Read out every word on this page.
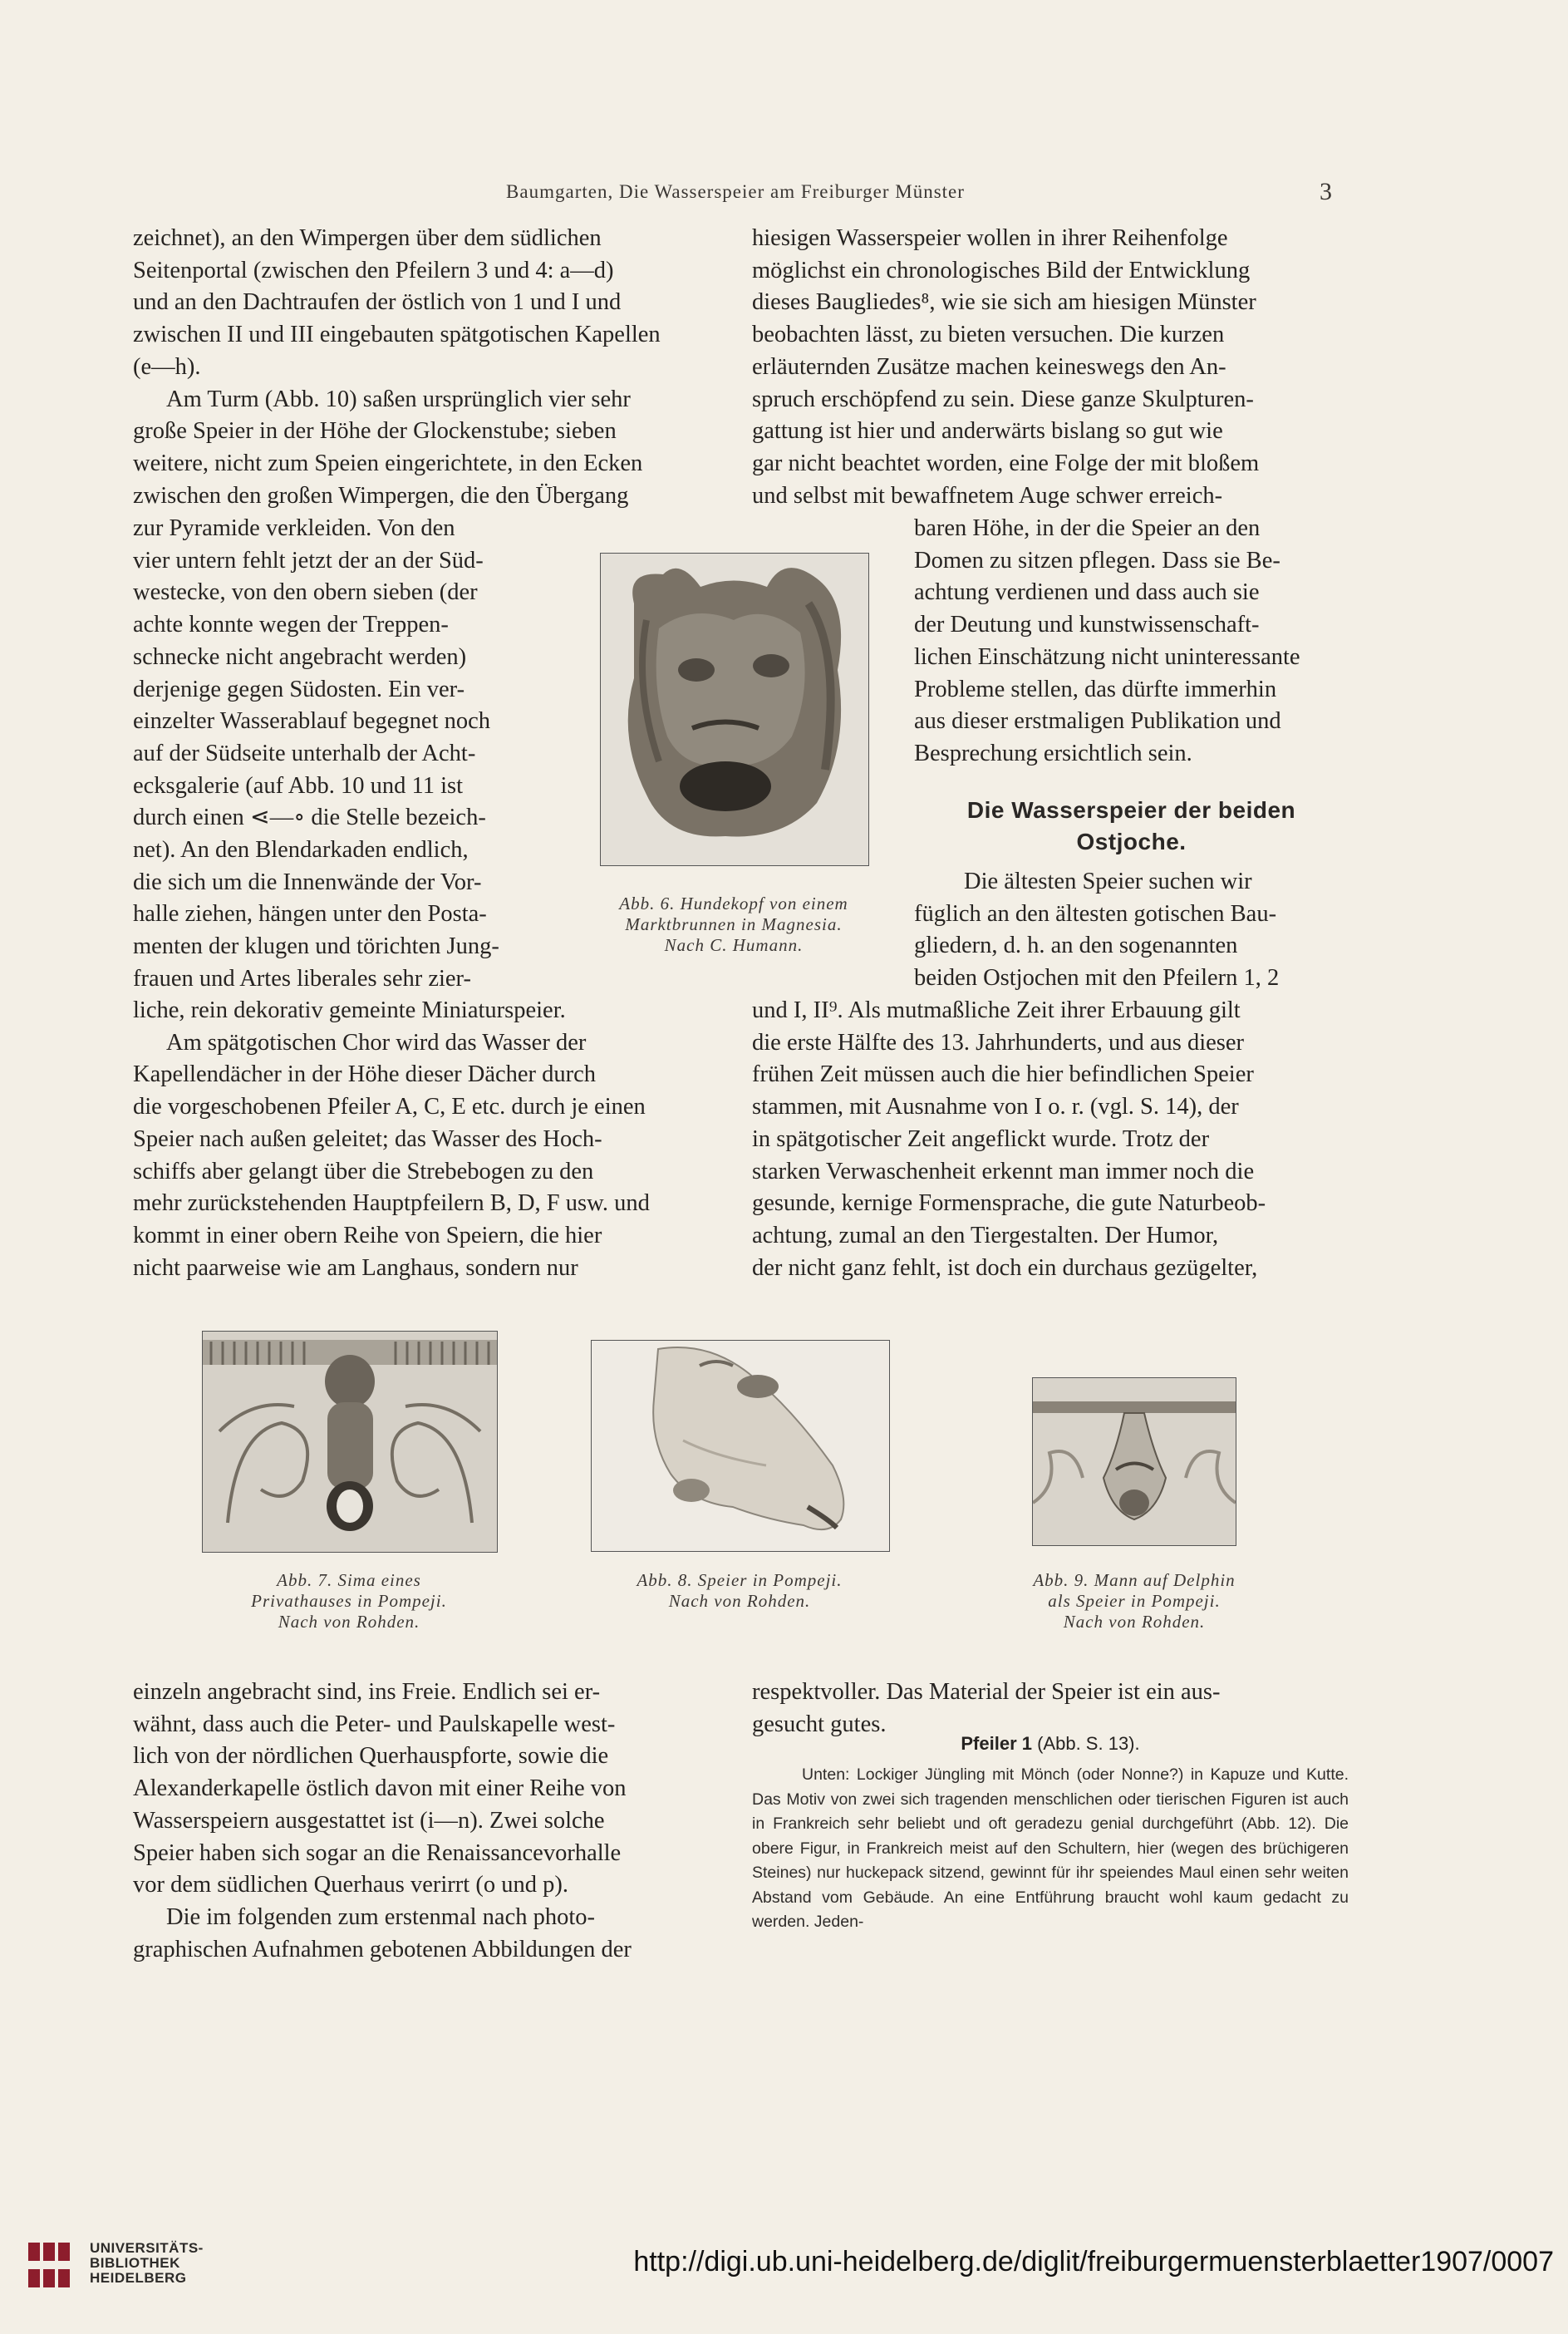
Baumgarten, Die Wasserspeier am Freiburger Münster	3

zeichnet), an den Wimpergen über dem südlichen

Seitenportal (zwischen den Pfeilern 3 und 4: a—d)

und an den Dachtraufen der östlich von 1 und I und

zwischen II und III eingebauten spätgotischen Kapellen

(e—h).

Am Turm (Abb. 10) saßen ursprünglich vier sehr

große Speier in der Höhe der Glockenstube; sieben

weitere, nicht zum Speien eingerichtete, in den Ecken

zwischen den großen Wimpergen, die den Übergang

zur Pyramide verkleiden. Von den

vier untern fehlt jetzt der an der Süd-

westecke, von den obern sieben (der

achte konnte wegen der Treppen-

schnecke nicht angebracht werden)

derjenige gegen Südosten. Ein ver-

einzelter Wasserablauf begegnet noch

auf der Südseite unterhalb der Acht-

ecksgalerie (auf Abb. 10 und 11 ist

durch einen ⋖—∘ die Stelle bezeich-

net). An den Blendarkaden endlich,

die sich um die Innenwände der Vor-

halle ziehen, hängen unter den Posta-

menten der klugen und törichten Jung-

frauen und Artes liberales sehr zier-

liche, rein dekorativ gemeinte Miniaturspeier.

Am spätgotischen Chor wird das Wasser der

Kapellendächer in der Höhe dieser Dächer durch

die vorgeschobenen Pfeiler A, C, E etc. durch je einen

Speier nach außen geleitet; das Wasser des Hoch-

schiffs aber gelangt über die Strebebogen zu den

mehr zurückstehenden Hauptpfeilern B, D, F usw. und

kommt in einer obern Reihe von Speiern, die hier

nicht paarweise wie am Langhaus, sondern nur

hiesigen Wasserspeier wollen in ihrer Reihenfolge

möglichst ein chronologisches Bild der Entwicklung

dieses Baugliedes⁸, wie sie sich am hiesigen Münster

beobachten lässt, zu bieten versuchen. Die kurzen

erläuternden Zusätze machen keineswegs den An-

spruch erschöpfend zu sein. Diese ganze Skulpturen-

gattung ist hier und anderwärts bislang so gut wie

gar nicht beachtet worden, eine Folge der mit bloßem

und selbst mit bewaffnetem Auge schwer erreich-

baren Höhe, in der die Speier an den

Domen zu sitzen pflegen. Dass sie Be-

achtung verdienen und dass auch sie

der Deutung und kunstwissenschaft-

lichen Einschätzung nicht uninteressante

Probleme stellen, das dürfte immerhin

aus dieser erstmaligen Publikation und

Besprechung ersichtlich sein.

Die Wasserspeier der beiden
Ostjoche.

Die ältesten Speier suchen wir

füglich an den ältesten gotischen Bau-

gliedern, d. h. an den sogenannten

beiden Ostjochen mit den Pfeilern 1, 2

und I, II⁹. Als mutmaßliche Zeit ihrer Erbauung gilt

die erste Hälfte des 13. Jahrhunderts, und aus dieser

frühen Zeit müssen auch die hier befindlichen Speier

stammen, mit Ausnahme von I o. r. (vgl. S. 14), der

in spätgotischer Zeit angeflickt wurde. Trotz der

starken Verwaschenheit erkennt man immer noch die

gesunde, kernige Formensprache, die gute Naturbeob-

achtung, zumal an den Tiergestalten. Der Humor,

der nicht ganz fehlt, ist doch ein durchaus gezügelter,

Abb. 6. Hundekopf von einem

Marktbrunnen in Magnesia.

Nach C. Humann.

Abb. 7. Sima eines

Privathauses in Pompeji.

Nach von Rohden.

Abb. 8. Speier in Pompeji.

Nach von Rohden.

Abb. 9. Mann auf Delphin

als Speier in Pompeji.

Nach von Rohden.

einzeln angebracht sind, ins Freie. Endlich sei er-

wähnt, dass auch die Peter- und Paulskapelle west-

lich von der nördlichen Querhauspforte, sowie die

Alexanderkapelle östlich davon mit einer Reihe von

Wasserspeiern ausgestattet ist (i—n). Zwei solche

Speier haben sich sogar an die Renaissancevorhalle

vor dem südlichen Querhaus verirrt (o und p).

Die im folgenden zum erstenmal nach photo-

graphischen Aufnahmen gebotenen Abbildungen der

respektvoller. Das Material der Speier ist ein aus-

gesucht gutes.

Pfeiler 1 (Abb. S. 13).
Unten: Lockiger Jüngling mit Mönch (oder Nonne?) in Kapuze und Kutte. Das Motiv von zwei sich tragenden menschlichen oder tierischen Figuren ist auch in Frankreich sehr beliebt und oft geradezu genial durchgeführt (Abb. 12). Die obere Figur, in Frankreich meist auf den Schultern, hier (wegen des brüchigeren Steines) nur huckepack sitzend, gewinnt für ihr speiendes Maul einen sehr weiten Abstand vom Gebäude. An eine Entführung braucht wohl kaum gedacht zu werden. Jeden-
UNIVERSITÄTS-
BIBLIOTHEK
HEIDELBERG
http://digi.ub.uni-heidelberg.de/diglit/freiburgermuensterblaetter1907/0007
